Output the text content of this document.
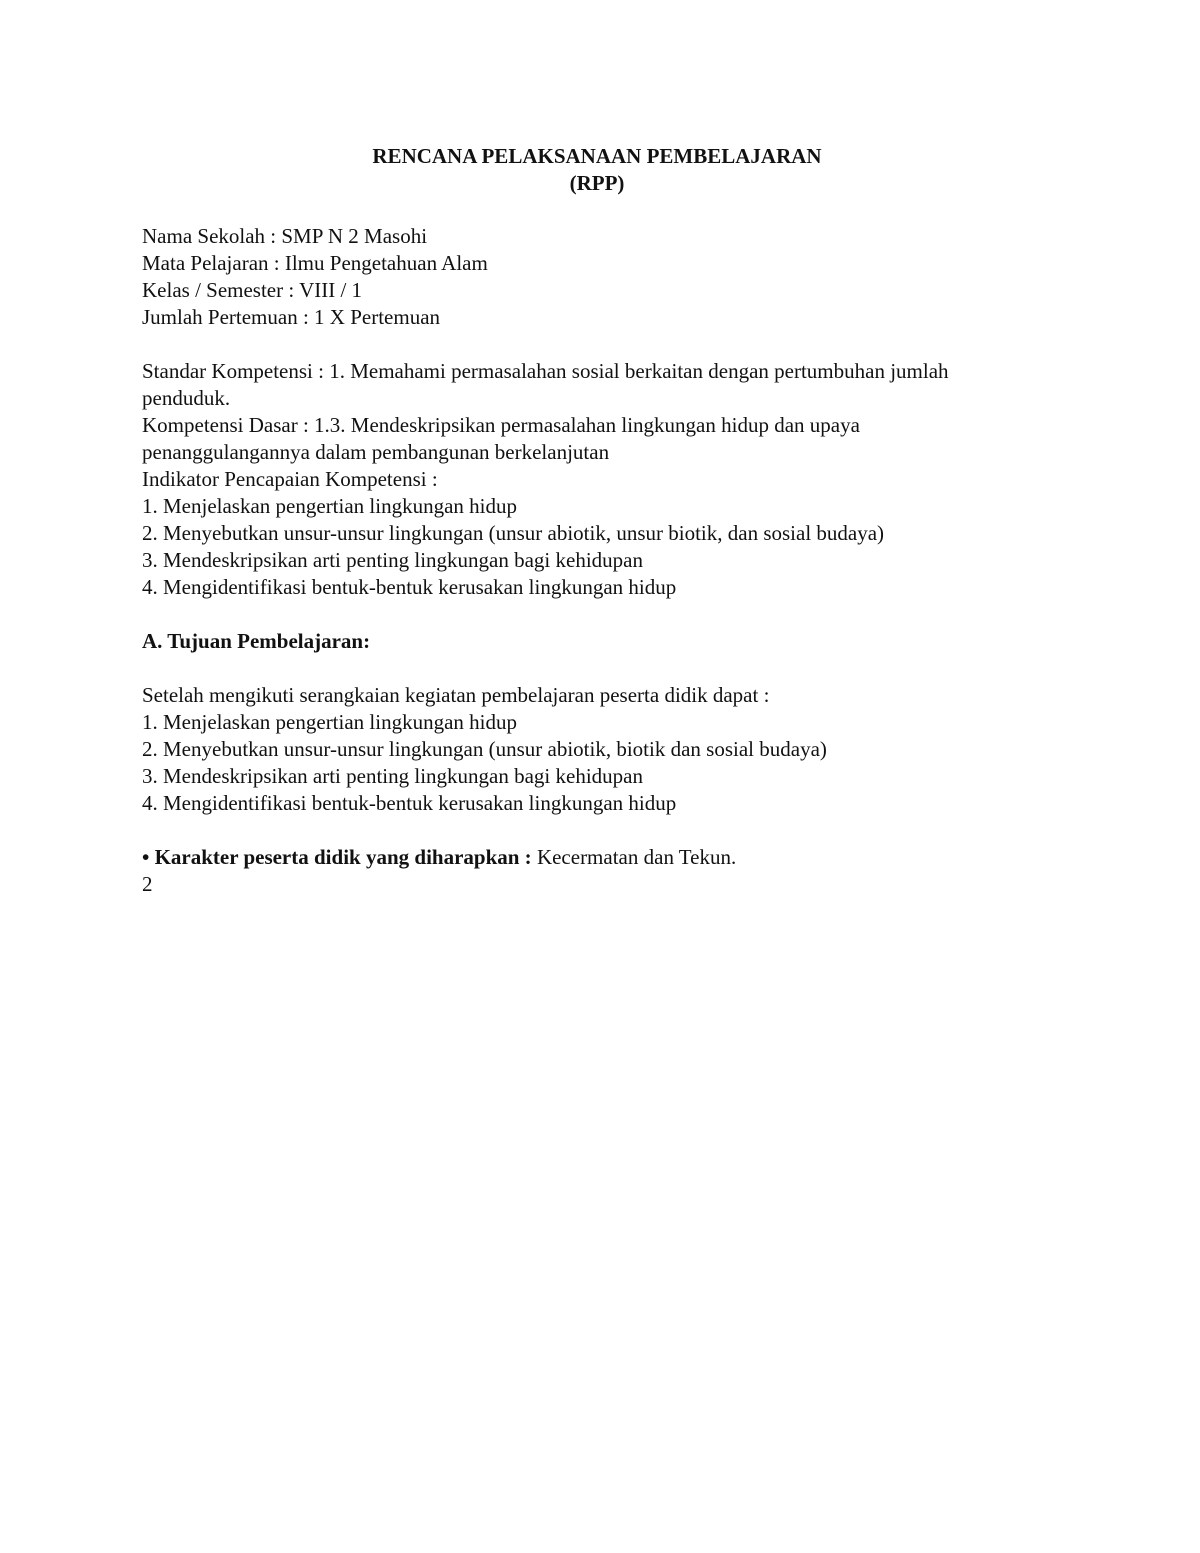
RENCANA PELAKSANAAN PEMBELAJARAN
(RPP)

Nama Sekolah : SMP N 2 Masohi

Mata Pelajaran : Ilmu Pengetahuan Alam

Kelas / Semester : VIII / 1

Jumlah Pertemuan : 1 X Pertemuan

Standar Kompetensi : 1. Memahami permasalahan sosial berkaitan dengan pertumbuhan jumlah

penduduk.

Kompetensi Dasar : 1.3. Mendeskripsikan permasalahan lingkungan hidup dan upaya

penanggulangannya dalam pembangunan berkelanjutan

Indikator Pencapaian Kompetensi :

1. Menjelaskan pengertian lingkungan hidup

2. Menyebutkan unsur-unsur lingkungan (unsur abiotik, unsur biotik, dan sosial budaya)

3. Mendeskripsikan arti penting lingkungan bagi kehidupan

4. Mengidentifikasi bentuk-bentuk kerusakan lingkungan hidup

A. Tujuan Pembelajaran:

Setelah mengikuti serangkaian kegiatan pembelajaran peserta didik dapat :

1. Menjelaskan pengertian lingkungan hidup

2. Menyebutkan unsur-unsur lingkungan (unsur abiotik, biotik dan sosial budaya)

3. Mendeskripsikan arti penting lingkungan bagi kehidupan

4. Mengidentifikasi bentuk-bentuk kerusakan lingkungan hidup

• Karakter peserta didik yang diharapkan : Kecermatan dan Tekun.

2
